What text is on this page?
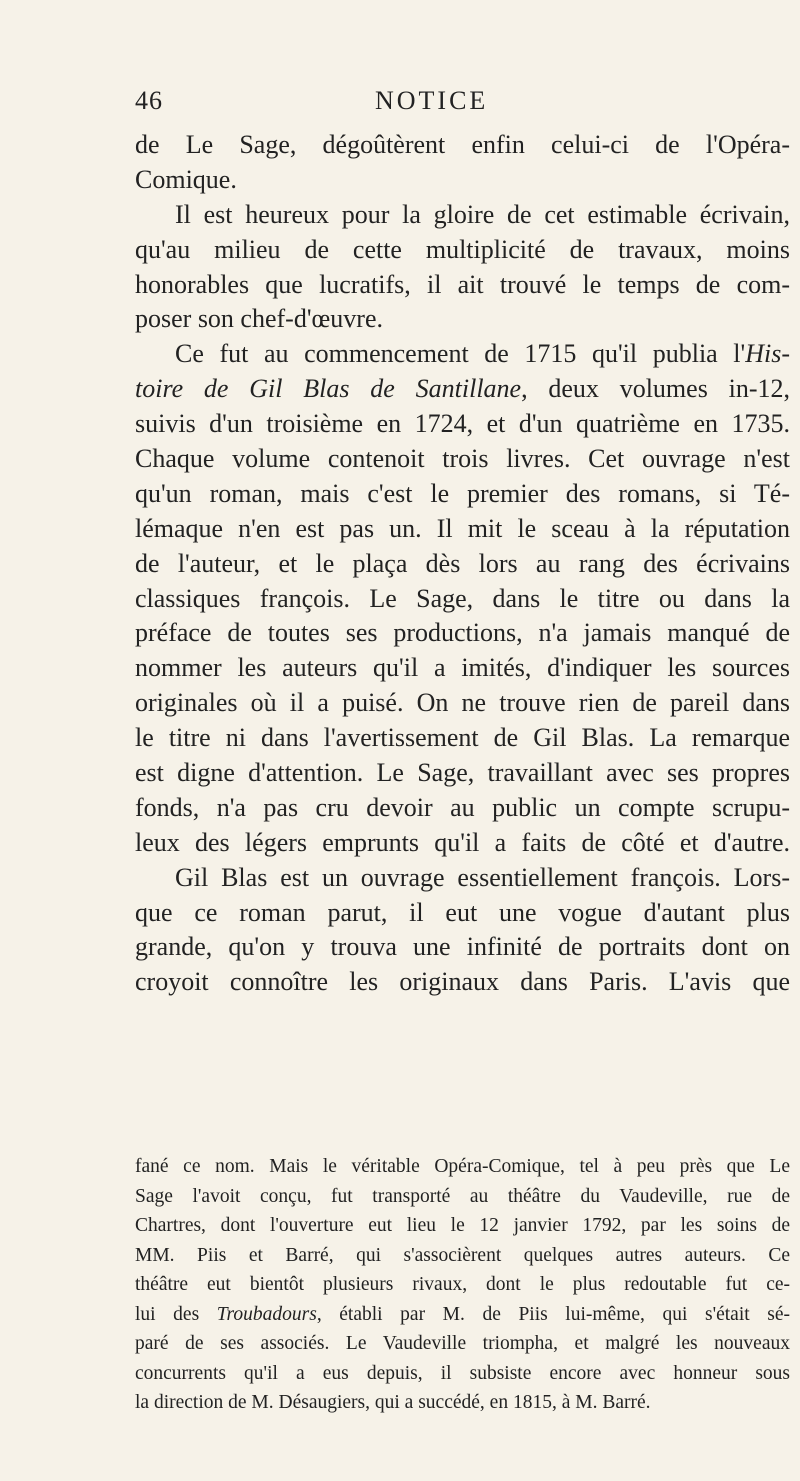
46	NOTICE
de Le Sage, dégoûtèrent enfin celui-ci de l'Opéra-
Comique.
Il est heureux pour la gloire de cet estimable écrivain,
qu'au milieu de cette multiplicité de travaux, moins
honorables que lucratifs, il ait trouvé le temps de com-
poser son chef-d'œuvre.
Ce fut au commencement de 1715 qu'il publia l'His-
toire de Gil Blas de Santillane, deux volumes in-12,
suivis d'un troisième en 1724, et d'un quatrième en 1735.
Chaque volume contenoit trois livres. Cet ouvrage n'est
qu'un roman, mais c'est le premier des romans, si Té-
lémaque n'en est pas un. Il mit le sceau à la réputation
de l'auteur, et le plaça dès lors au rang des écrivains
classiques françois. Le Sage, dans le titre ou dans la
préface de toutes ses productions, n'a jamais manqué de
nommer les auteurs qu'il a imités, d'indiquer les sources
originales où il a puisé. On ne trouve rien de pareil dans
le titre ni dans l'avertissement de Gil Blas. La remarque
est digne d'attention. Le Sage, travaillant avec ses propres
fonds, n'a pas cru devoir au public un compte scrupu-
leux des légers emprunts qu'il a faits de côté et d'autre.
Gil Blas est un ouvrage essentiellement françois. Lors-
que ce roman parut, il eut une vogue d'autant plus
grande, qu'on y trouva une infinité de portraits dont on
croyoit connoître les originaux dans Paris. L'avis que
fané ce nom. Mais le véritable Opéra-Comique, tel à peu près que Le
Sage l'avoit conçu, fut transporté au théâtre du Vaudeville, rue de
Chartres, dont l'ouverture eut lieu le 12 janvier 1792, par les soins de
MM. Piis et Barré, qui s'associèrent quelques autres auteurs. Ce
théâtre eut bientôt plusieurs rivaux, dont le plus redoutable fut ce-
lui des Troubadours, établi par M. de Piis lui-même, qui s'était sé-
paré de ses associés. Le Vaudeville triompha, et malgré les nouveaux
concurrents qu'il a eus depuis, il subsiste encore avec honneur sous
la direction de M. Désaugiers, qui a succédé, en 1815, à M. Barré.
